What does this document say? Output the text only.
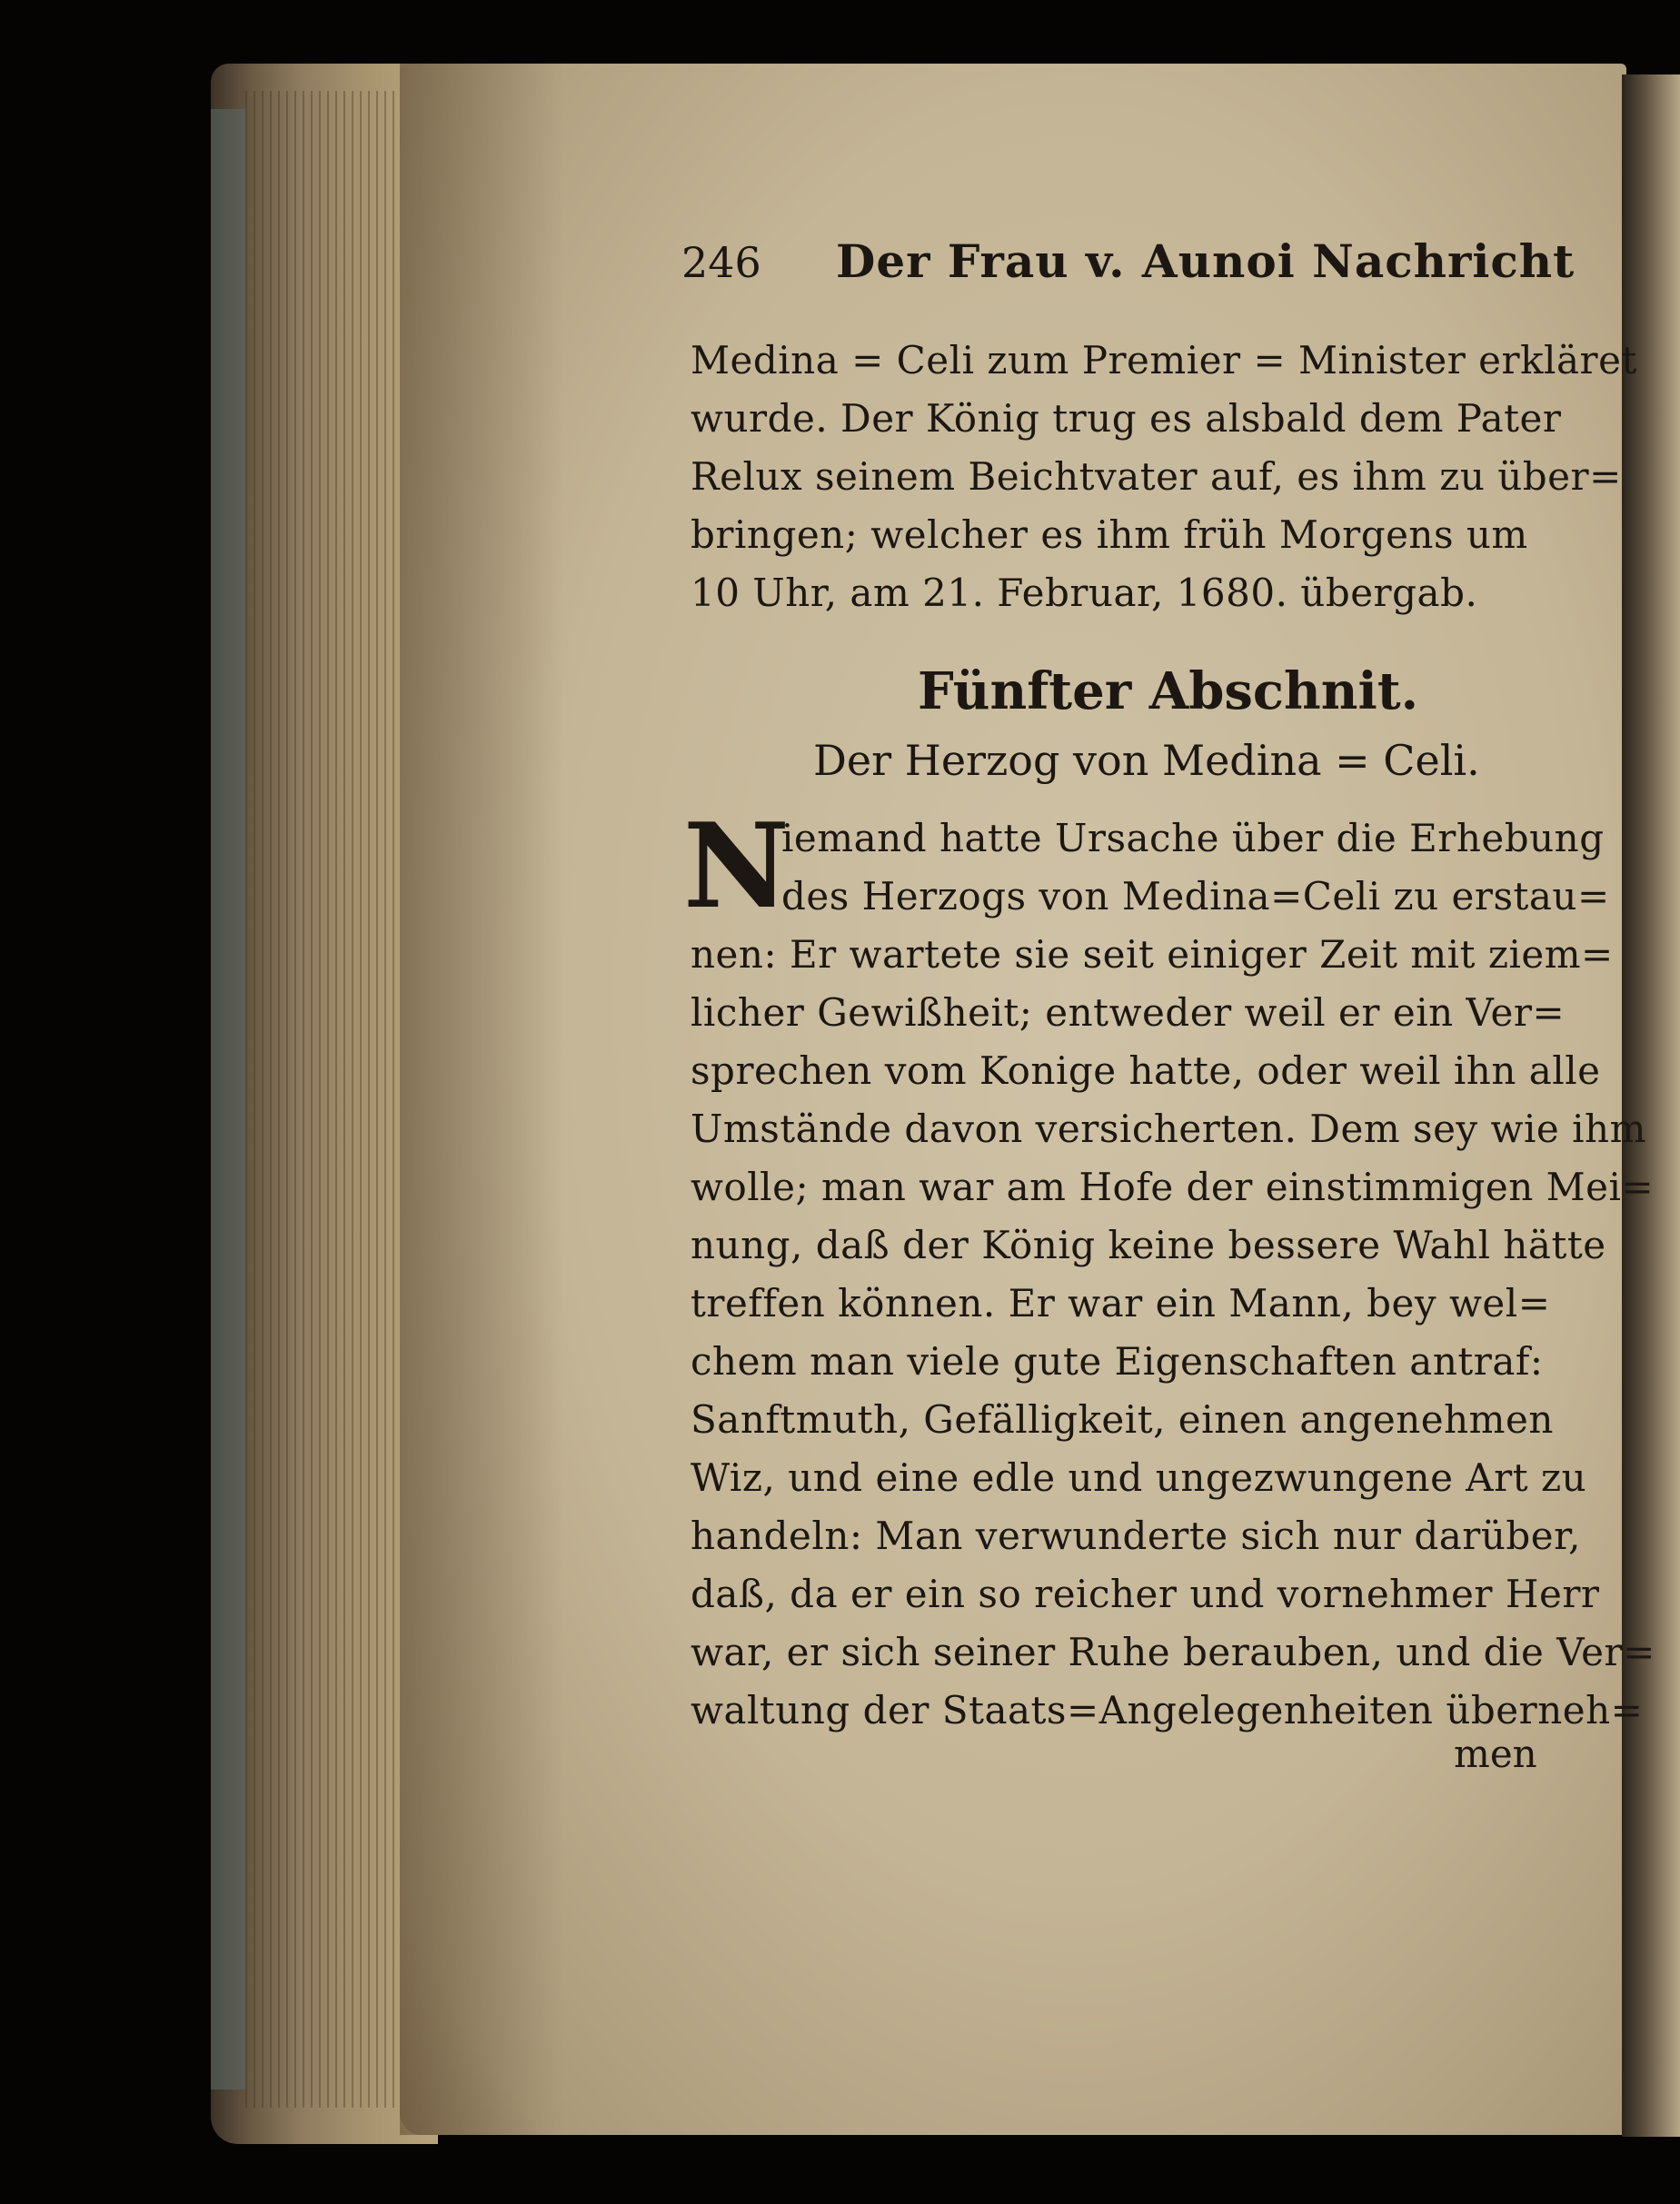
246 Der Frau v. Aunoi Nachricht
Medina = Celi zum Premier = Minister erkläret
wurde. Der König trug es alsbald dem Pater
Relux seinem Beichtvater auf, es ihm zu über=
bringen; welcher es ihm früh Morgens um
10 Uhr, am 21. Februar, 1680. übergab.
Fünfter Abschnit.
Der Herzog von Medina = Celi.
N
iemand hatte Ursache über die Erhebung
des Herzogs von Medina=Celi zu erstau=
nen: Er wartete sie seit einiger Zeit mit ziem=
licher Gewißheit; entweder weil er ein Ver=
sprechen vom Konige hatte, oder weil ihn alle
Umstände davon versicherten. Dem sey wie ihm
wolle; man war am Hofe der einstimmigen Mei=
nung, daß der König keine bessere Wahl hätte
treffen können. Er war ein Mann, bey wel=
chem man viele gute Eigenschaften antraf:
Sanftmuth, Gefälligkeit, einen angenehmen
Wiz, und eine edle und ungezwungene Art zu
handeln: Man verwunderte sich nur darüber,
daß, da er ein so reicher und vornehmer Herr
war, er sich seiner Ruhe berauben, und die Ver=
waltung der Staats=Angelegenheiten überneh=
men
